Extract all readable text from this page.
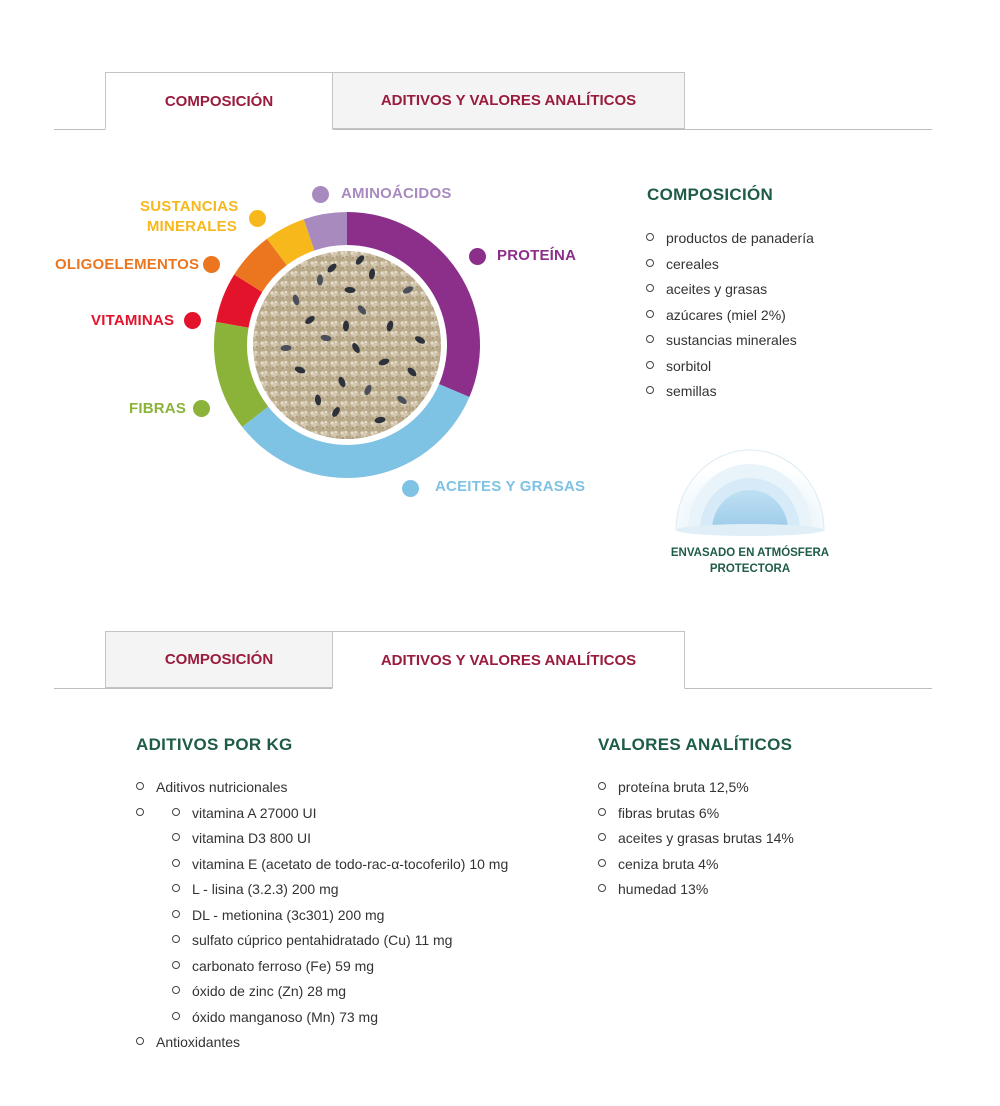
COMPOSICIÓN	ADITIVOS Y VALORES ANALÍTICOS
AMINOÁCIDOS
PROTEÍNA
SUSTANCIAS
MINERALES
OLIGOELEMENTOS
VITAMINAS
FIBRAS
ACEITES Y GRASAS
COMPOSICIÓN
productos de panadería
cereales
aceites y grasas
azúcares (miel 2%)
sustancias minerales
sorbitol
semillas
ENVASADO EN ATMÓSFERA
PROTECTORA
COMPOSICIÓN	ADITIVOS Y VALORES ANALÍTICOS
ADITIVOS POR KG
Aditivos nutricionales
vitamina A 27000 UI
vitamina D3 800 UI
vitamina E (acetato de todo-rac-α-tocoferilo) 10 mg
L - lisina (3.2.3) 200 mg
DL - metionina (3c301) 200 mg
sulfato cúprico pentahidratado (Cu) 11 mg
carbonato ferroso (Fe) 59 mg
óxido de zinc (Zn) 28 mg
óxido manganoso (Mn) 73 mg
Antioxidantes
VALORES ANALÍTICOS
proteína bruta 12,5%
fibras brutas 6%
aceites y grasas brutas 14%
ceniza bruta 4%
humedad 13%
